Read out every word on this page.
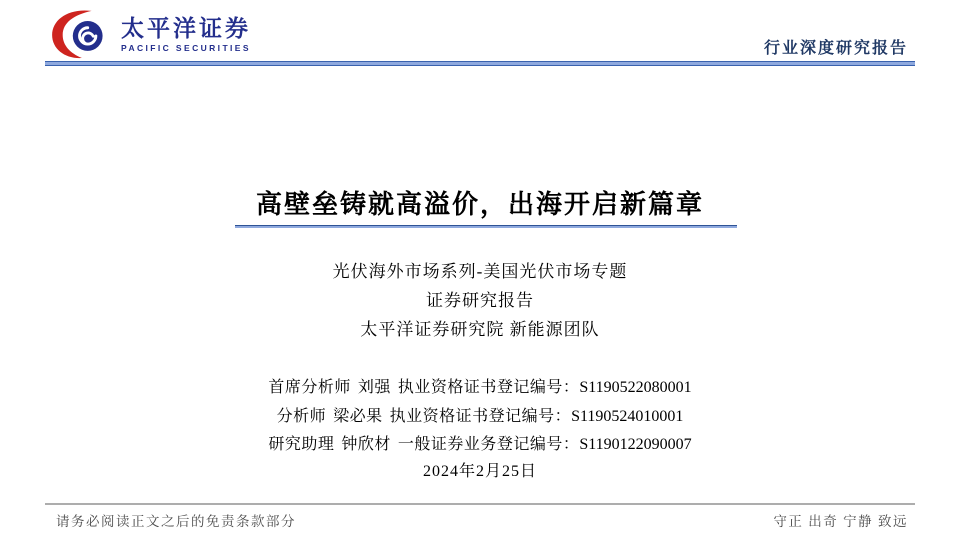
太平洋证券
PACIFIC SECURITIES	行业深度研究报告
高壁垒铸就高溢价，出海开启新篇章

光伏海外市场系列-美国光伏市场专题

证券研究报告

太平洋证券研究院 新能源团队

首席分析师 刘强 执业资格证书登记编号：S1190522080001

分析师 梁必果 执业资格证书登记编号：S1190524010001

研究助理 钟欣材 一般证券业务登记编号：S1190122090007

2024年2月25日

请务必阅读正文之后的免责条款部分	守正 出奇 宁静 致远
